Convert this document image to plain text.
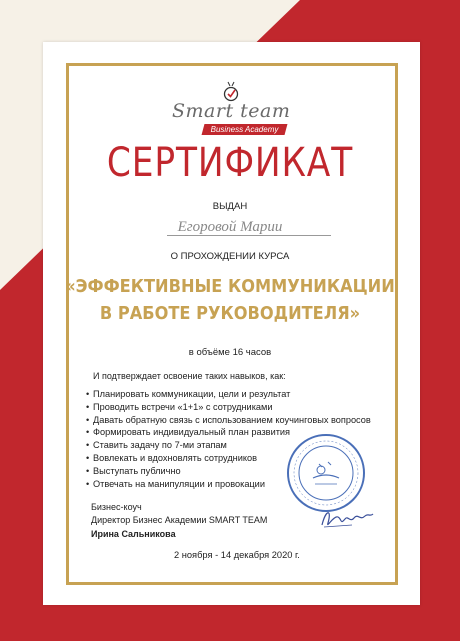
Smart team
Business Academy
СЕРТИФИКАТ
ВЫДАН
Егоровой Марии
О ПРОХОЖДЕНИИ КУРСА
«ЭФФЕКТИВНЫЕ КОММУНИКАЦИИ
В РАБОТЕ РУКОВОДИТЕЛЯ»
в объёме 16 часов
И подтверждает освоение таких навыков, как:
• Планировать коммуникации, цели и результат
• Проводить встречи «1+1» с сотрудниками
• Давать обратную связь с использованием коучинговых вопросов
• Формировать индивидуальный план развития
• Ставить задачу по 7-ми этапам
• Вовлекать и вдохновлять сотрудников
• Выступать публично
• Отвечать на манипуляции и провокации
Бизнес-коуч
Директор Бизнес Академии SMART TEAM
Ирина Сальникова
2 ноября - 14 декабря 2020 г.
